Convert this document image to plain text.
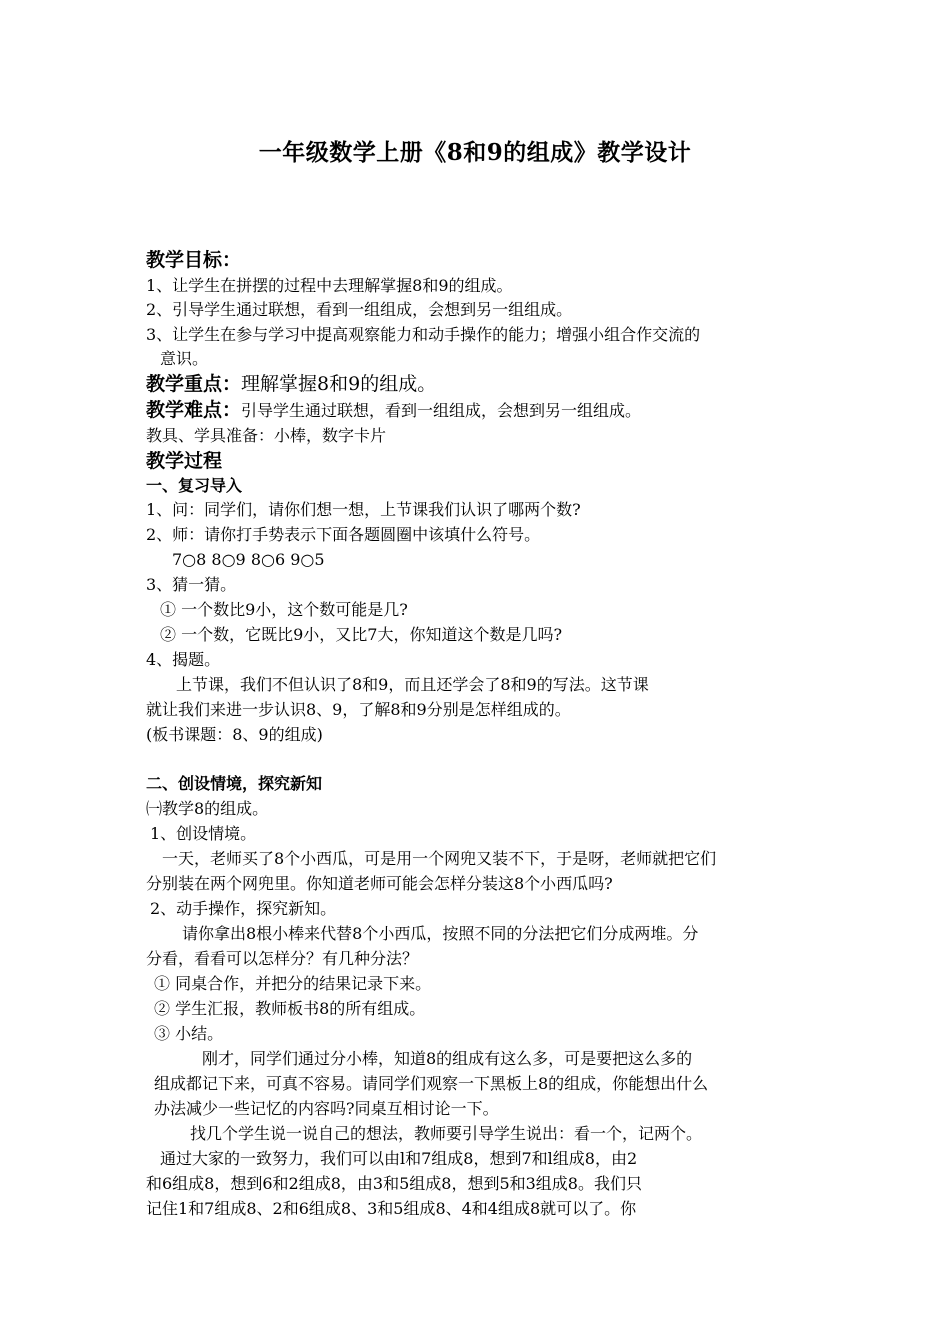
一年级数学上册《8和9的组成》教学设计
教学目标：
1、让学生在拼摆的过程中去理解掌握8和9的组成。
2、引导学生通过联想，看到一组组成，会想到另一组组成。
3、让学生在参与学习中提高观察能力和动手操作的能力；增强小组合作交流的
意识。
教学重点：理解掌握8和9的组成。
教学难点：引导学生通过联想，看到一组组成，会想到另一组组成。
教具、学具准备：小棒，数字卡片
教学过程
一、复习导入
1、问：同学们，请你们想一想，上节课我们认识了哪两个数?
2、师：请你打手势表示下面各题圆圈中该填什么符号。
7○8 8○9 8○6 9○5
3、猜一猜。
① 一个数比9小，这个数可能是几?
② 一个数，它既比9小，又比7大，你知道这个数是几吗?
4、揭题。
上节课，我们不但认识了8和9，而且还学会了8和9的写法。这节课
就让我们来进一步认识8、9，了解8和9分别是怎样组成的。
(板书课题：8、9的组成)
二、创设情境，探究新知
㈠教学8的组成。
1、创设情境。
一天，老师买了8个小西瓜，可是用一个网兜又装不下，于是呀，老师就把它们
分别装在两个网兜里。你知道老师可能会怎样分装这8个小西瓜吗?
2、动手操作，探究新知。
请你拿出8根小棒来代替8个小西瓜，按照不同的分法把它们分成两堆。分
分看，看看可以怎样分？有几种分法？
① 同桌合作，并把分的结果记录下来。
② 学生汇报，教师板书8的所有组成。
③ 小结。
刚才，同学们通过分小棒，知道8的组成有这么多，可是要把这么多的
组成都记下来，可真不容易。请同学们观察一下黑板上8的组成，你能想出什么
办法减少一些记忆的内容吗?同桌互相讨论一下。
找几个学生说一说自己的想法，教师要引导学生说出：看一个，记两个。
通过大家的一致努力，我们可以由l和7组成8，想到7和l组成8，由2
和6组成8，想到6和2组成8，由3和5组成8，想到5和3组成8。我们只
记住1和7组成8、2和6组成8、3和5组成8、4和4组成8就可以了。你
